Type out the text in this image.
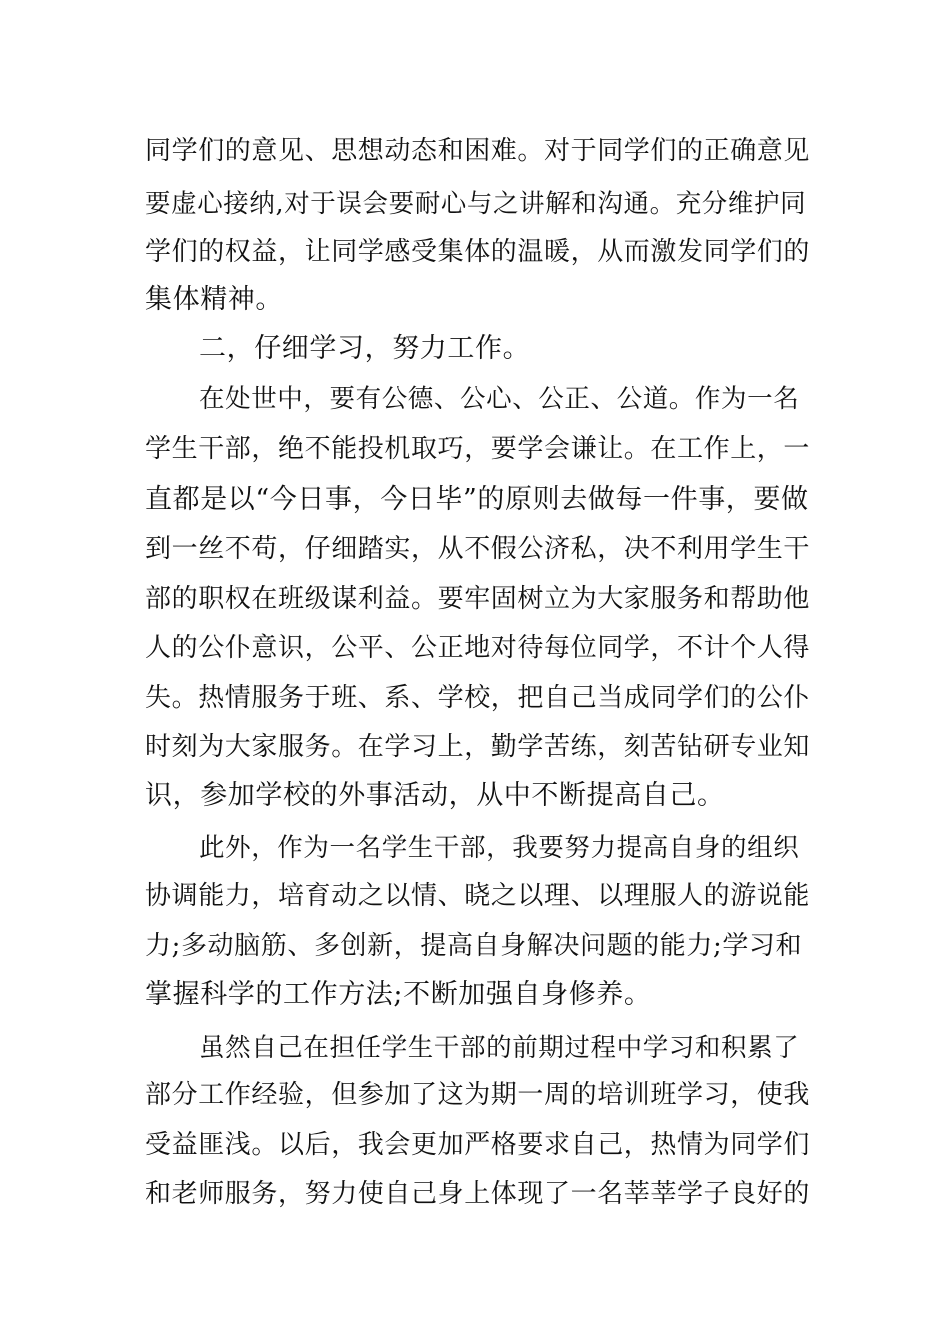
同学们的意见、思想动态和困难。对于同学们的正确意见
要虚心接纳,对于误会要耐心与之讲解和沟通。充分维护同
学们的权益，让同学感受集体的温暖，从而激发同学们的
集体精神。
二，仔细学习，努力工作。
在处世中，要有公德、公心、公正、公道。作为一名
学生干部，绝不能投机取巧，要学会谦让。在工作上，一
直都是以“今日事，今日毕”的原则去做每一件事，要做
到一丝不苟，仔细踏实，从不假公济私，决不利用学生干
部的职权在班级谋利益。要牢固树立为大家服务和帮助他
人的公仆意识，公平、公正地对待每位同学，不计个人得
失。热情服务于班、系、学校，把自己当成同学们的公仆
时刻为大家服务。在学习上，勤学苦练，刻苦钻研专业知
识，参加学校的外事活动，从中不断提高自己。
此外，作为一名学生干部，我要努力提高自身的组织
协调能力，培育动之以情、晓之以理、以理服人的游说能
力;多动脑筋、多创新，提高自身解决问题的能力;学习和
掌握科学的工作方法;不断加强自身修养。
虽然自己在担任学生干部的前期过程中学习和积累了
部分工作经验，但参加了这为期一周的培训班学习，使我
受益匪浅。以后，我会更加严格要求自己，热情为同学们
和老师服务，努力使自己身上体现了一名莘莘学子良好的
